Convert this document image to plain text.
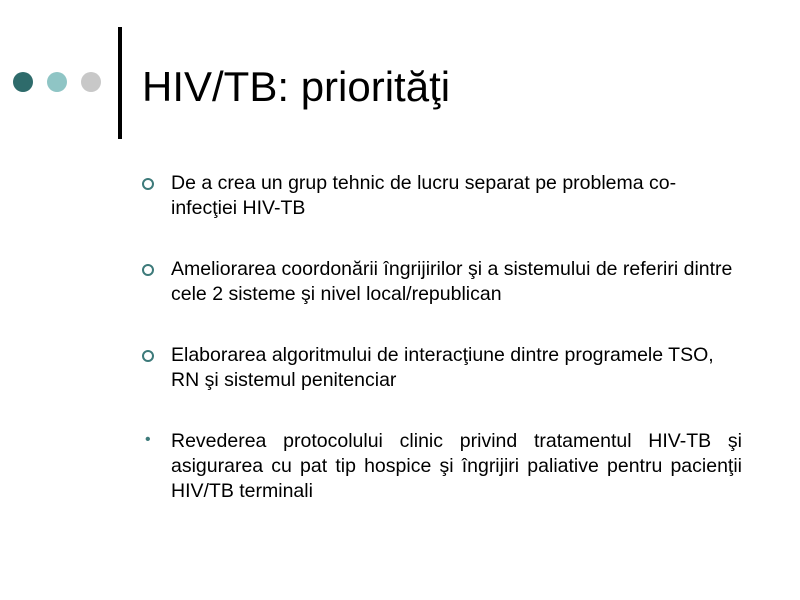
HIV/TB: priorităţi
De a crea un grup tehnic de lucru separat pe problema co-infecţiei HIV-TB
Ameliorarea coordonării îngrijirilor şi a sistemului de referiri dintre cele 2 sisteme şi nivel local/republican
Elaborarea algoritmului de interacţiune dintre programele TSO, RN şi sistemul penitenciar
• Revederea protocolului clinic privind tratamentul HIV-TB şi asigurarea cu pat tip hospice şi îngrijiri paliative pentru pacienţii HIV/TB terminali
